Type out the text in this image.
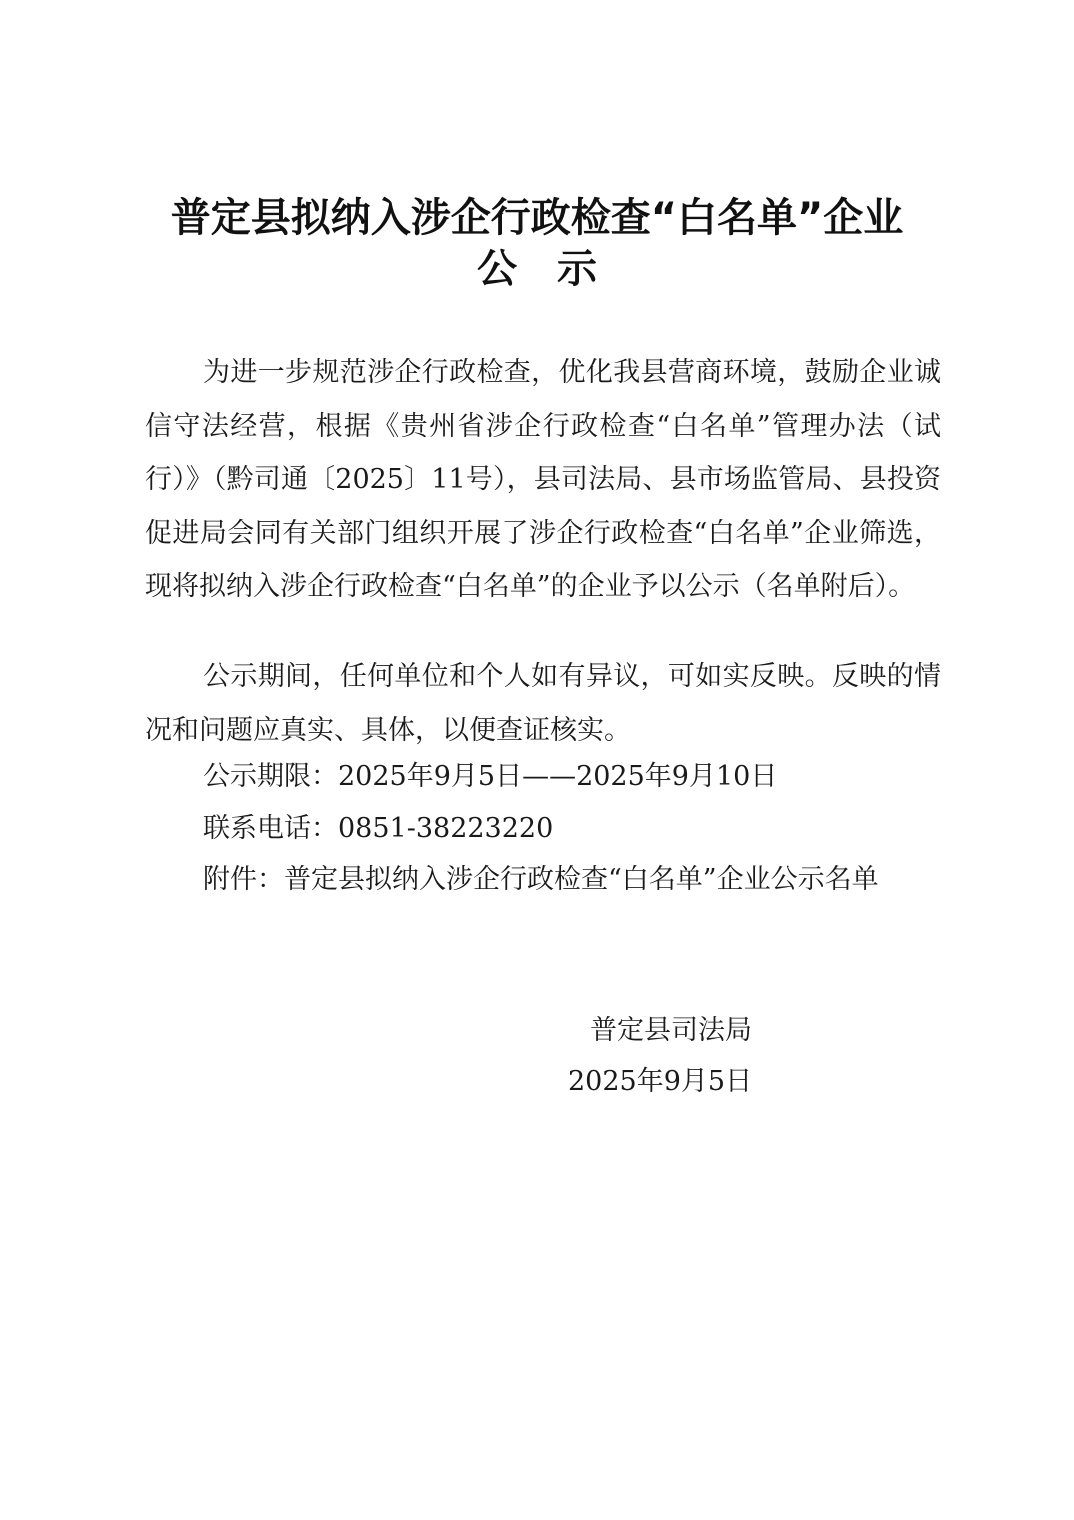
普定县拟纳入涉企行政检查“白名单”企业
公示
为进一步规范涉企行政检查，优化我县营商环境，鼓励企业诚信守法经营，根据《贵州省涉企行政检查“白名单”管理办法（试行）》（黔司通〔2025〕11号），县司法局、县市场监管局、县投资促进局会同有关部门组织开展了涉企行政检查“白名单”企业筛选，现将拟纳入涉企行政检查“白名单”的企业予以公示（名单附后）。
公示期间，任何单位和个人如有异议，可如实反映。反映的情况和问题应真实、具体，以便查证核实。
公示期限：2025年9月5日——2025年9月10日
联系电话：0851-38223220
附件：普定县拟纳入涉企行政检查“白名单”企业公示名单
普定县司法局
2025年9月5日
